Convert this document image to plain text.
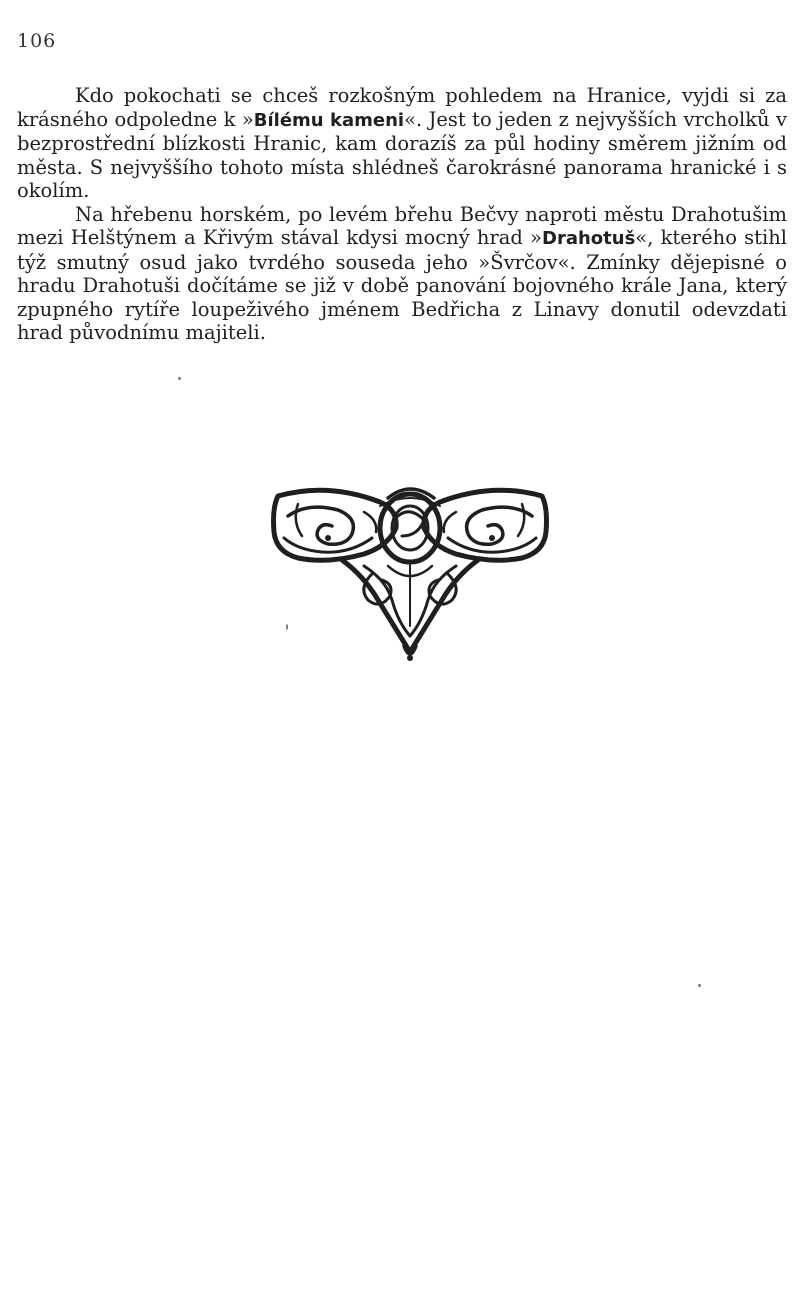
106

Kdo pokochati se chceš rozkošným pohledem na Hranice, vyjdi si za krásného odpoledne k »Bílému kameni«. Jest to jeden z nejvyšších vrcholků v bezprostřední blízkosti Hranic, kam dorazíš za půl hodiny směrem jižním od města. S nejvyššího tohoto místa shlédneš čarokrásné panorama hranické i s okolím.

Na hřebenu horském, po levém břehu Bečvy naproti městu Drahotušim mezi Helštýnem a Křivým stával kdysi mocný hrad »Drahotuš«, kterého stihl týž smutný osud jako tvrdého souseda jeho »Švrčov«. Zmínky dějepisné o hradu Drahotuši dočítáme se již v době panování bojovného krále Jana, který zpupného rytíře loupeživého jménem Bedřicha z Linavy donutil odevzdati hrad původnímu majiteli.
